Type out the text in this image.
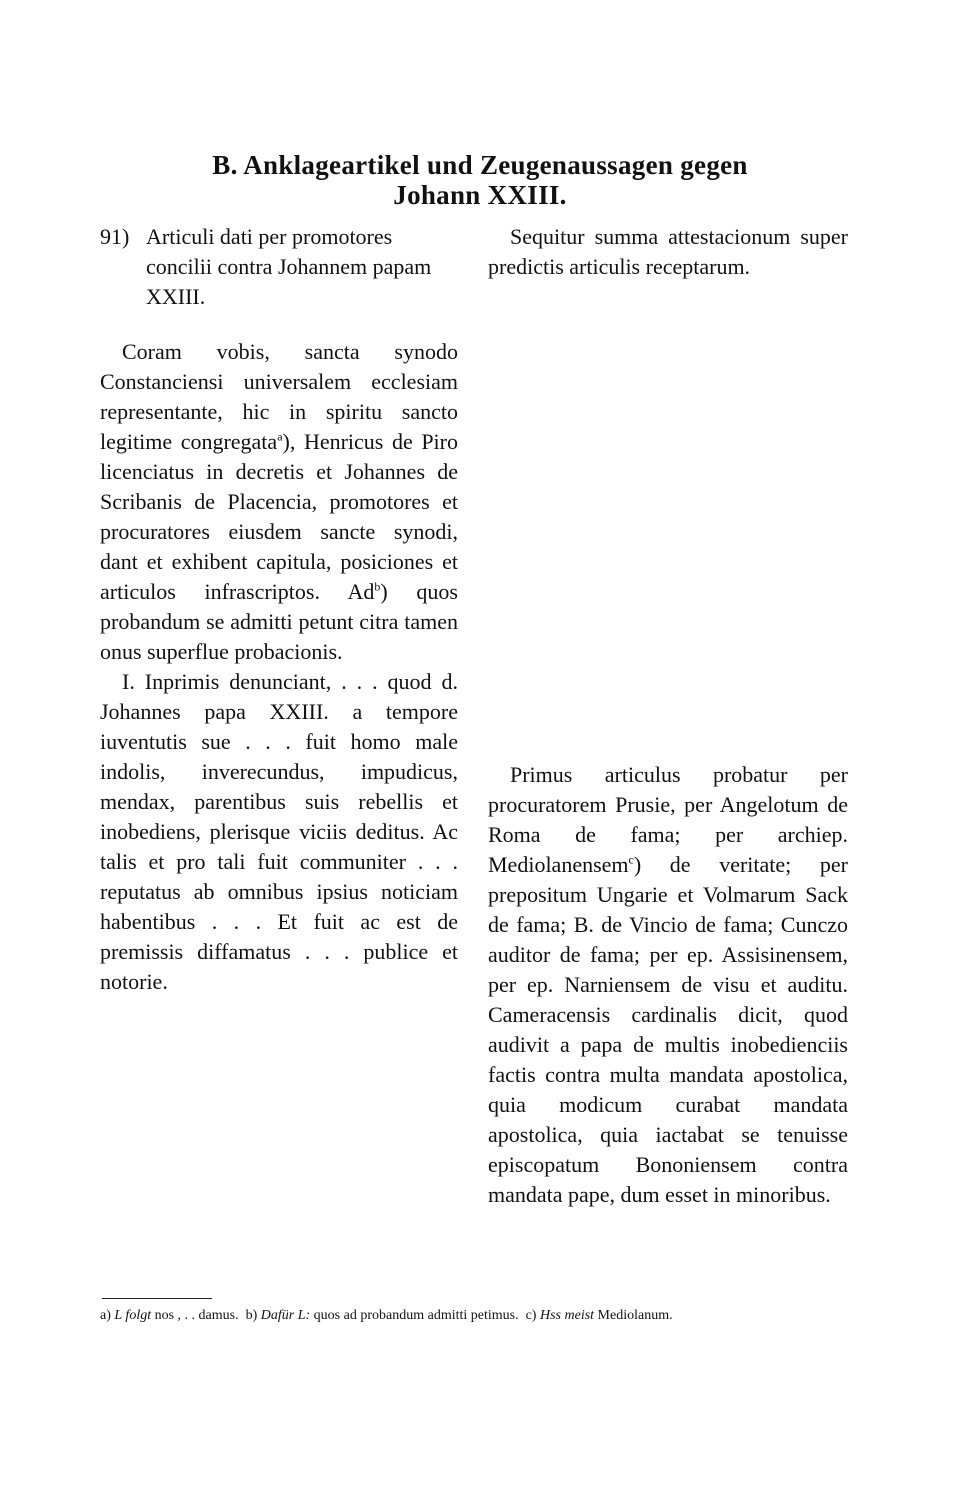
B. Anklageartikel und Zeugenaussagen gegen
Johann XXIII.
91) Articuli dati per promotores concilii contra Johannem papam XXIII.
Sequitur summa attestacionum super predictis articulis receptarum.

Coram vobis, sancta synodo Constanciensi universalem ecclesiam representante, hic in spiritu sancto legitime congregata$^a$), Henricus de Piro licenciatus in decretis et Johannes de Scribanis de Placencia, promotores et procuratores eiusdem sancte synodi, dant et exhibent capitula, posiciones et articulos infrascriptos. Ad$^b$) quos probandum se admitti petunt citra tamen onus superflue probacionis.

I. Inprimis denunciant, . . . quod d. Johannes papa XXIII. a tempore iuventutis sue . . . fuit homo male indolis, inverecundus, impudicus, mendax, parentibus suis rebellis et inobediens, plerisque viciis deditus. Ac talis et pro tali fuit communiter . . . reputatus ab omnibus ipsius noticiam habentibus . . . Et fuit ac est de premissis diffamatus . . . publice et notorie.

Primus articulus probatur per procuratorem Prusie, per Angelotum de Roma de fama; per archiep. Mediolanensem$^c$) de veritate; per prepositum Ungarie et Volmarum Sack de fama; B. de Vincio de fama; Cunczo auditor de fama; per ep. Assisinensem, per ep. Narniensem de visu et auditu. Cameracensis cardinalis dicit, quod audivit a papa de multis inobedienciis factis contra multa mandata apostolica, quia modicum curabat mandata apostolica, quia iactabat se tenuisse episcopatum Bononiensem contra mandata pape, dum esset in minoribus.

a) L folgt nos , . . damus. b) Dafür L: quos ad probandum admitti petimus. c) Hss meist Mediolanum.
